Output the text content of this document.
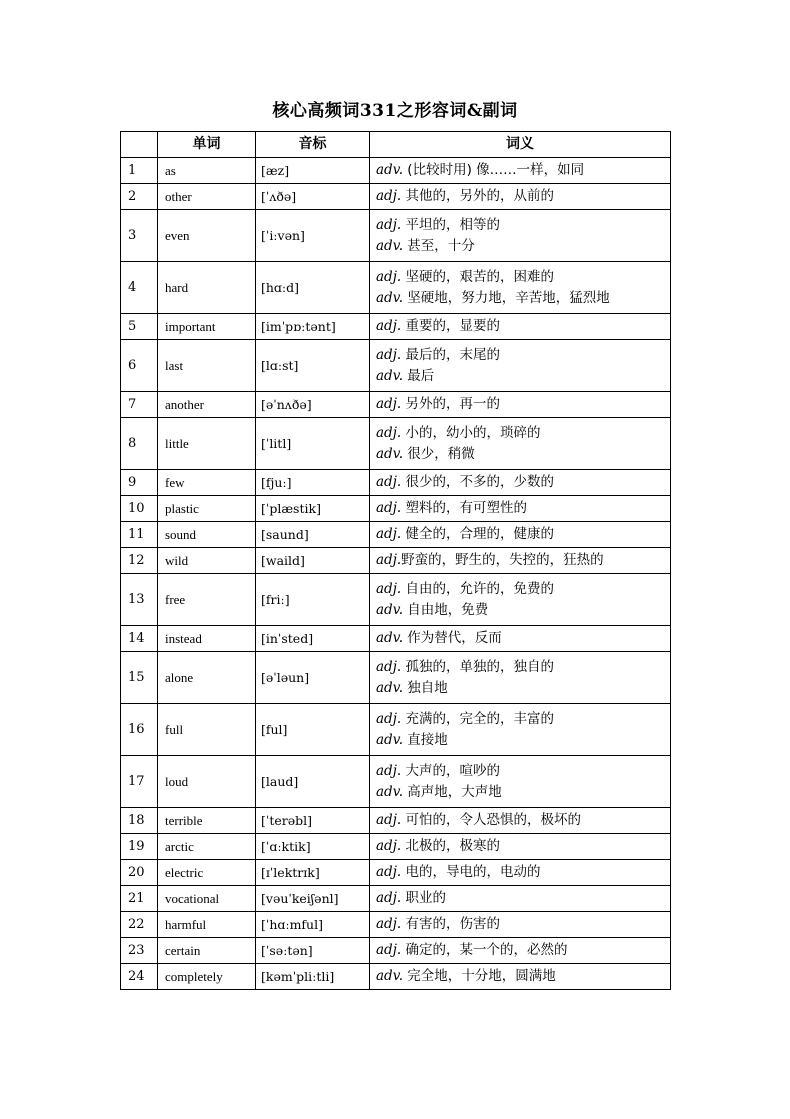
核心高频词331之形容词&副词
	单词	音标	词义
1	as	[æz]	adv. (比较时用) 像……一样，如同

2	other	[ˈʌðə]	adj. 其他的，另外的，从前的

3	even	[ˈiːvən]	adj. 平坦的，相等的
adv. 甚至，十分

4	hard	[hɑːd]	adj. 坚硬的，艰苦的，困难的
adv. 坚硬地，努力地，辛苦地，猛烈地

5	important	[imˈpɒːtənt]	adj. 重要的，显要的

6	last	[lɑːst]	adj. 最后的，末尾的
adv. 最后

7	another	[əˈnʌðə]	adj. 另外的，再一的

8	little	[ˈlitl]	adj. 小的，幼小的，琐碎的
adv. 很少，稍微

9	few	[fjuː]	adj. 很少的，不多的，少数的

10	plastic	[ˈplæstik]	adj. 塑料的，有可塑性的

11	sound	[saund]	adj. 健全的，合理的，健康的

12	wild	[waild]	adj.野蛮的，野生的，失控的，狂热的

13	free	[friː]	adj. 自由的，允许的，免费的
adv. 自由地，免费

14	instead	[inˈsted]	adv. 作为替代，反而

15	alone	[əˈləun]	adj. 孤独的，单独的，独自的
adv. 独自地

16	full	[ful]	adj. 充满的，完全的，丰富的
adv. 直接地

17	loud	[laud]	adj. 大声的，喧吵的
adv. 高声地，大声地

18	terrible	[ˈterəbl]	adj. 可怕的，令人恐惧的，极坏的

19	arctic	[ˈɑːktik]	adj. 北极的，极寒的

20	electric	[ɪˈlektrɪk]	adj. 电的，导电的，电动的

21	vocational	[vəuˈkeiʃənl]	adj. 职业的

22	harmful	[ˈhɑːmful]	adj. 有害的，伤害的

23	certain	[ˈsəːtən]	adj. 确定的，某一个的，必然的

24	completely	[kəmˈpliːtli]	adv. 完全地，十分地，圆满地
